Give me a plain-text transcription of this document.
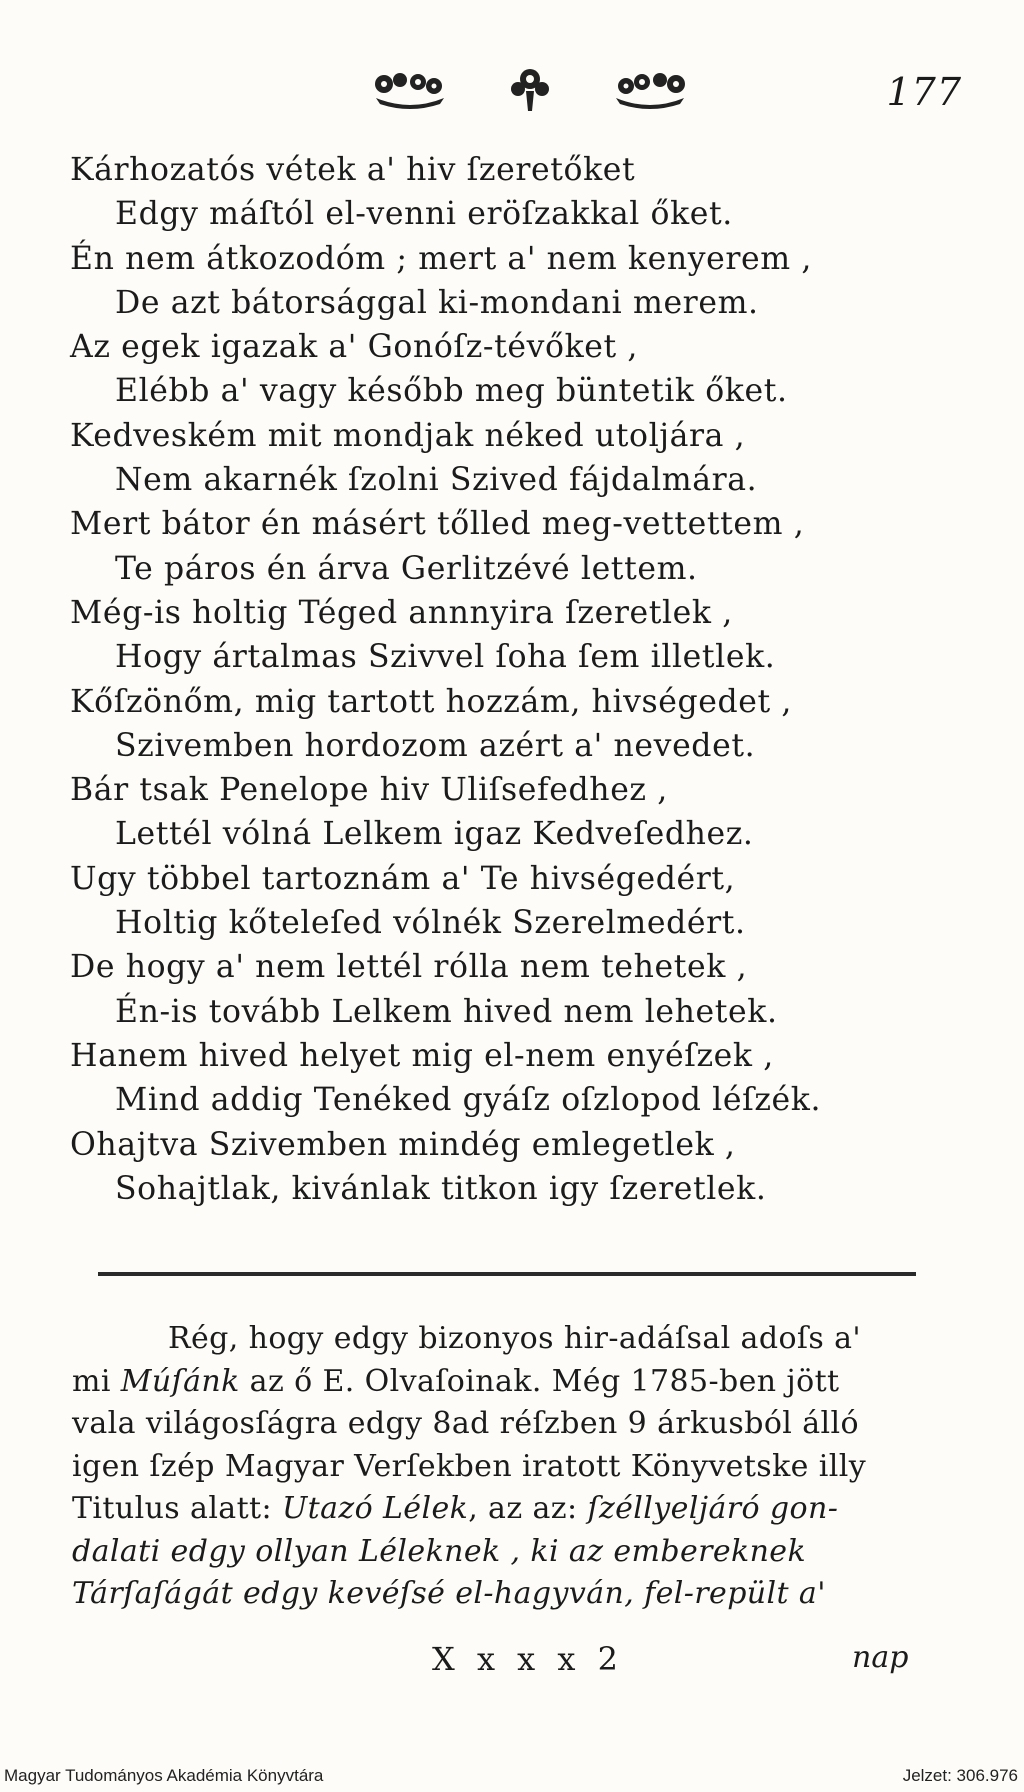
177
Kárhozatós vétek a' hiv ſzeretőket
Edgy máſtól el-venni eröſzakkal őket.
Én nem átkozodóm ; mert a' nem kenyerem ,
De azt bátorsággal ki-mondani merem.
Az egek igazak a' Gonóſz-tévőket ,
Elébb a' vagy később meg büntetik őket.
Kedveském mit mondjak néked utoljára ,
Nem akarnék ſzolni Szived fájdalmára.
Mert bátor én másért tőlled meg-vettettem ,
Te páros én árva Gerlitzévé lettem.
Még-is holtig Téged annnyira ſzeretlek ,
Hogy ártalmas Szivvel ſoha ſem illetlek.
Kőſzönőm, mig tartott hozzám, hivségedet ,
Szivemben hordozom azért a' nevedet.
Bár tsak Penelope hiv Uliſsefedhez ,
Lettél vólná Lelkem igaz Kedveſedhez.
Ugy többel tartoznám a' Te hivségedért,
Holtig kőteleſed vólnék Szerelmedért.
De hogy a' nem lettél rólla nem tehetek ,
Én-is tovább Lelkem hived nem lehetek.
Hanem hived helyet mig el-nem enyéſzek ,
Mind addig Tenéked gyáſz oſzlopod léſzék.
Ohajtva Szivemben mindég emlegetlek ,
Sohajtlak, kivánlak titkon igy ſzeretlek.
Rég, hogy edgy bizonyos hir-adáſsal adoſs a'
mi Múſánk az ő E. Olvaſoinak. Még 1785-ben jött
vala világosſágra edgy 8ad réſzben 9 árkusból álló
igen ſzép Magyar Verſekben iratott Könyvetske illy
Titulus alatt: Utazó Lélek, az az: ſzéllyeljáró gon-
dalati edgy ollyan Léleknek , ki az embereknek
Tárſaſágát edgy kevéſsé el-hagyván, fel-repült a'
X x x x 2	nap
Magyar Tudományos Akadémia Könyvtára	Jelzet: 306.976
